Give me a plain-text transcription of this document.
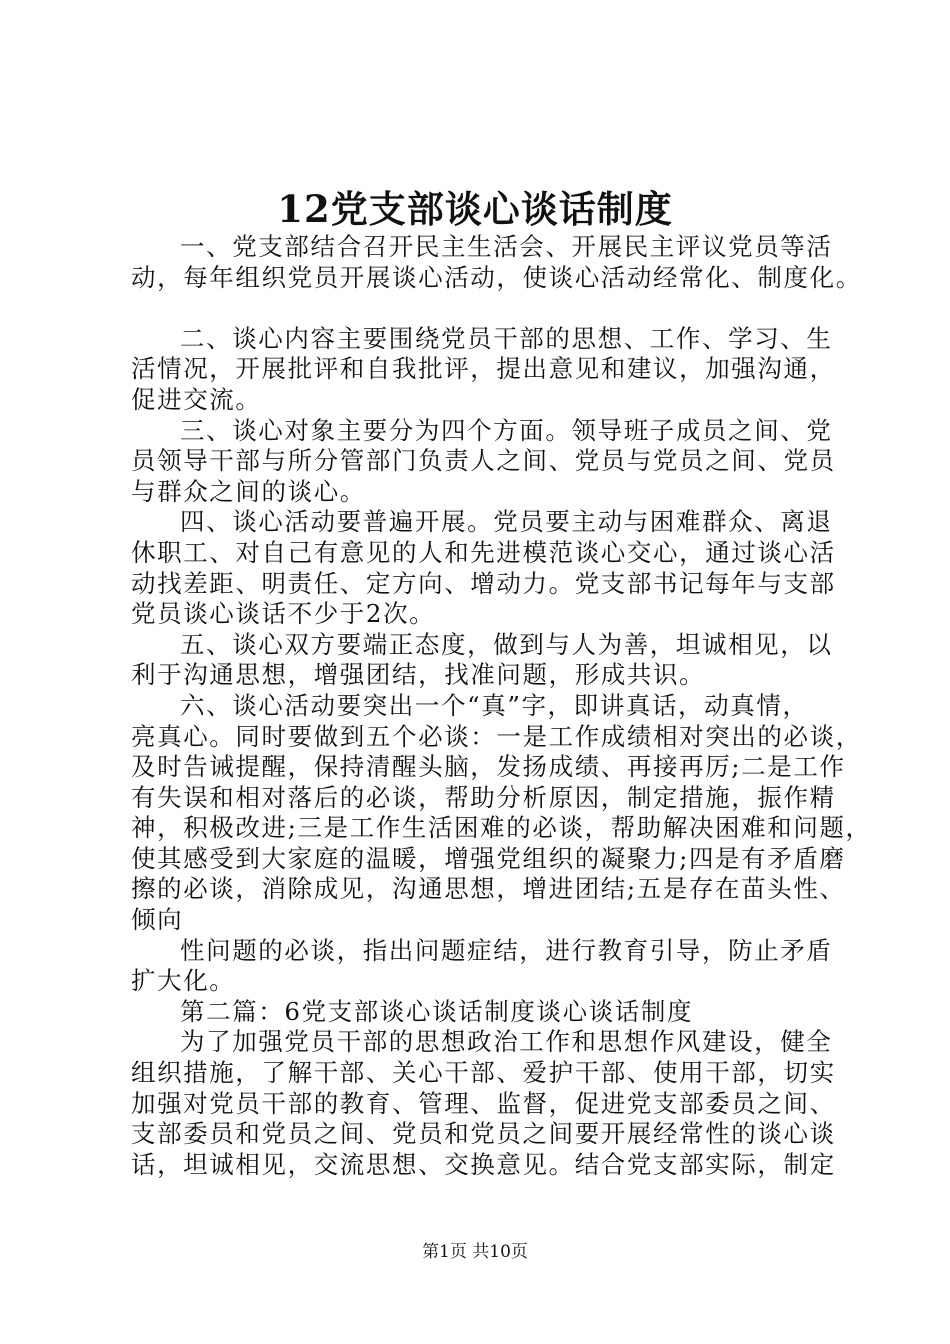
12党支部谈心谈话制度
一、党支部结合召开民主生活会、开展民主评议党员等活
动，每年组织党员开展谈心活动，使谈心活动经常化、制度化。
二、谈心内容主要围绕党员干部的思想、工作、学习、生
活情况，开展批评和自我批评，提出意见和建议，加强沟通，
促进交流。
三、谈心对象主要分为四个方面。领导班子成员之间、党
员领导干部与所分管部门负责人之间、党员与党员之间、党员
与群众之间的谈心。
四、谈心活动要普遍开展。党员要主动与困难群众、离退
休职工、对自己有意见的人和先进模范谈心交心，通过谈心活
动找差距、明责任、定方向、增动力。党支部书记每年与支部
党员谈心谈话不少于2次。
五、谈心双方要端正态度，做到与人为善，坦诚相见，以
利于沟通思想，增强团结，找准问题，形成共识。
六、谈心活动要突出一个“真”字，即讲真话，动真情，
亮真心。同时要做到五个必谈：一是工作成绩相对突出的必谈，
及时告诫提醒，保持清醒头脑，发扬成绩、再接再厉;二是工作
有失误和相对落后的必谈，帮助分析原因，制定措施，振作精
神，积极改进;三是工作生活困难的必谈，帮助解决困难和问题，
使其感受到大家庭的温暖，增强党组织的凝聚力;四是有矛盾磨
擦的必谈，消除成见，沟通思想，增进团结;五是存在苗头性、
倾向
性问题的必谈，指出问题症结，进行教育引导，防止矛盾
扩大化。
第二篇：6党支部谈心谈话制度谈心谈话制度
为了加强党员干部的思想政治工作和思想作风建设，健全
组织措施，了解干部、关心干部、爱护干部、使用干部，切实
加强对党员干部的教育、管理、监督，促进党支部委员之间、
支部委员和党员之间、党员和党员之间要开展经常性的谈心谈
话，坦诚相见，交流思想、交换意见。结合党支部实际，制定
第1页 共10页
